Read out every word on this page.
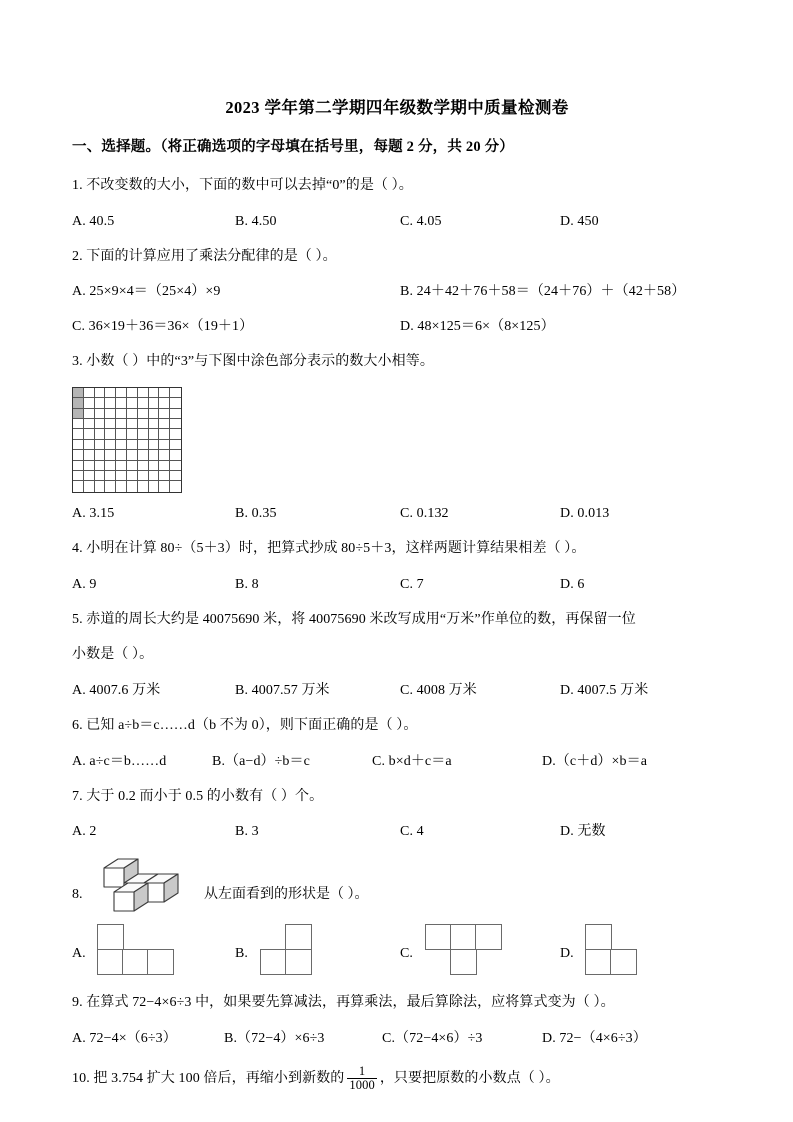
2023 学年第二学期四年级数学期中质量检测卷
一、选择题。（将正确选项的字母填在括号里，每题 2 分，共 20 分）
1. 不改变数的大小，下面的数中可以去掉“0”的是（ ）。
A. 40.5	B. 4.50	C. 4.05	D. 450
2. 下面的计算应用了乘法分配律的是（ ）。
A. 25×9×4＝（25×4）×9	B. 24＋42＋76＋58＝（24＋76）＋（42＋58）
C. 36×19＋36＝36×（19＋1）	D. 48×125＝6×（8×125）
3. 小数（ ）中的“3”与下图中涂色部分表示的数大小相等。
A. 3.15	B. 0.35	C. 0.132	D. 0.013
4. 小明在计算 80÷（5＋3）时，把算式抄成 80÷5＋3，这样两题计算结果相差（ ）。
A. 9	B. 8	C. 7	D. 6
5. 赤道的周长大约是 40075690 米，将 40075690 米改写成用“万米”作单位的数，再保留一位
小数是（ ）。
A. 4007.6 万米	B. 4007.57 万米	C. 4008 万米	D. 4007.5 万米
6. 已知 a÷b＝c……d（b 不为 0），则下面正确的是（ ）。
A. a÷c＝b……d	B.（a−d）÷b＝c	C. b×d＋c＝a	D.（c＋d）×b＝a
7. 大于 0.2 而小于 0.5 的小数有（ ）个。
A. 2	B. 3	C. 4	D. 无数
8.	从左面看到的形状是（ ）。
A.	B.	C.	D.
9. 在算式 72−4×6÷3 中，如果要先算减法，再算乘法，最后算除法，应将算式变为（ ）。
A. 72−4×（6÷3）	B.（72−4）×6÷3	C.（72−4×6）÷3	D. 72−（4×6÷3）
10. 把 3.754 扩大 100 倍后，再缩小到新数的 $\frac{1}{1000}$ ，只要把原数的小数点（ ）。
